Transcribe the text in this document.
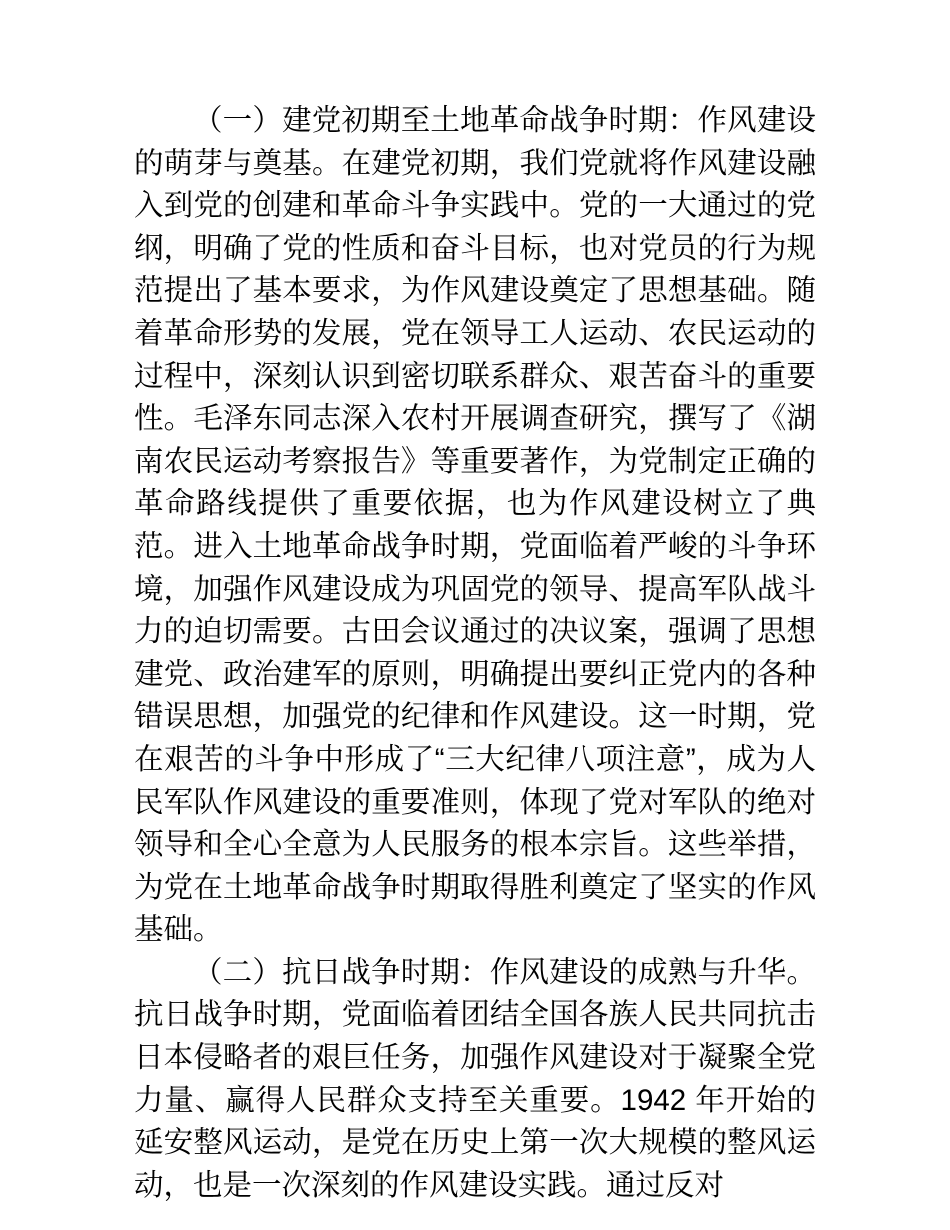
（一）建党初期至土地革命战争时期：作风建设的萌芽与奠基。在建党初期，我们党就将作风建设融入到党的创建和革命斗争实践中。党的一大通过的党纲，明确了党的性质和奋斗目标，也对党员的行为规范提出了基本要求，为作风建设奠定了思想基础。随着革命形势的发展，党在领导工人运动、农民运动的过程中，深刻认识到密切联系群众、艰苦奋斗的重要性。毛泽东同志深入农村开展调查研究，撰写了《湖南农民运动考察报告》等重要著作，为党制定正确的革命路线提供了重要依据，也为作风建设树立了典范。进入土地革命战争时期，党面临着严峻的斗争环境，加强作风建设成为巩固党的领导、提高军队战斗力的迫切需要。古田会议通过的决议案，强调了思想建党、政治建军的原则，明确提出要纠正党内的各种错误思想，加强党的纪律和作风建设。这一时期，党在艰苦的斗争中形成了“三大纪律八项注意”，成为人民军队作风建设的重要准则，体现了党对军队的绝对领导和全心全意为人民服务的根本宗旨。这些举措，为党在土地革命战争时期取得胜利奠定了坚实的作风基础。

（二）抗日战争时期：作风建设的成熟与升华。抗日战争时期，党面临着团结全国各族人民共同抗击日本侵略者的艰巨任务，加强作风建设对于凝聚全党力量、赢得人民群众支持至关重要。1942 年开始的延安整风运动，是党在历史上第一次大规模的整风运动，也是一次深刻的作风建设实践。通过反对
